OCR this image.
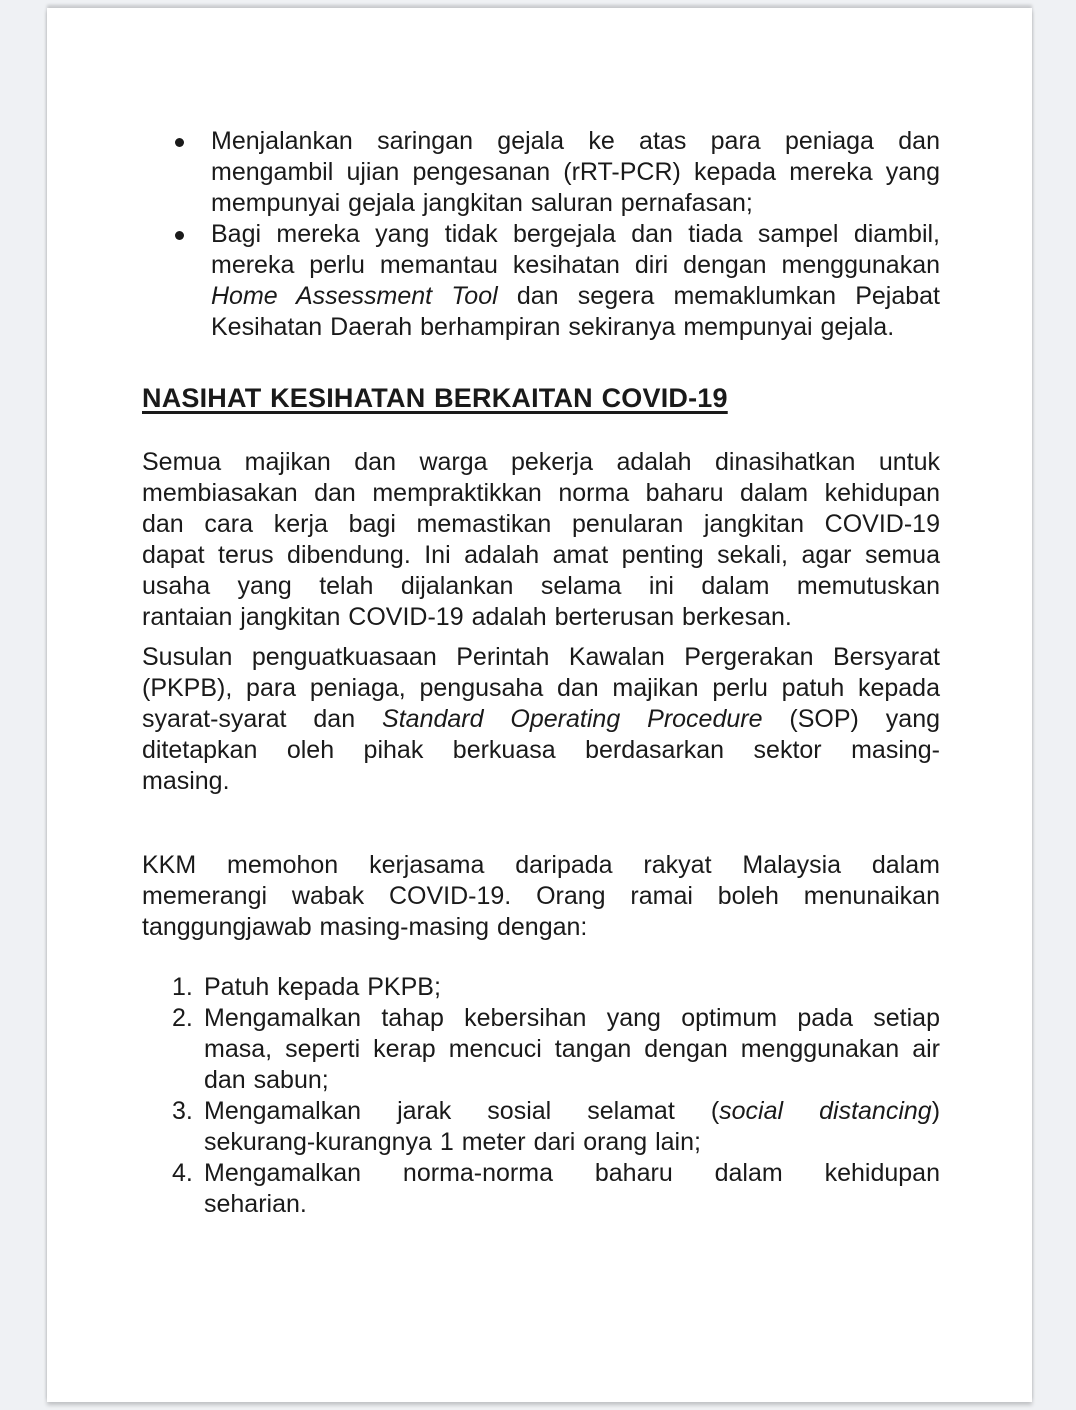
Menjalankan saringan gejala ke atas para peniaga dan
mengambil ujian pengesanan (rRT-PCR) kepada mereka yang
mempunyai gejala jangkitan saluran pernafasan;
Bagi mereka yang tidak bergejala dan tiada sampel diambil,
mereka perlu memantau kesihatan diri dengan menggunakan
Home Assessment Tool dan segera memaklumkan Pejabat
Kesihatan Daerah berhampiran sekiranya mempunyai gejala.
NASIHAT KESIHATAN BERKAITAN COVID-19
Semua majikan dan warga pekerja adalah dinasihatkan untuk
membiasakan dan mempraktikkan norma baharu dalam kehidupan
dan cara kerja bagi memastikan penularan jangkitan COVID-19
dapat terus dibendung. Ini adalah amat penting sekali, agar semua
usaha yang telah dijalankan selama ini dalam memutuskan
rantaian jangkitan COVID-19 adalah berterusan berkesan.
Susulan penguatkuasaan Perintah Kawalan Pergerakan Bersyarat
(PKPB), para peniaga, pengusaha dan majikan perlu patuh kepada
syarat-syarat dan Standard Operating Procedure (SOP) yang
ditetapkan oleh pihak berkuasa berdasarkan sektor masing-
masing.
KKM memohon kerjasama daripada rakyat Malaysia dalam
memerangi wabak COVID-19. Orang ramai boleh menunaikan
tanggungjawab masing-masing dengan:
1. Patuh kepada PKPB;
2. Mengamalkan tahap kebersihan yang optimum pada setiap
masa, seperti kerap mencuci tangan dengan menggunakan air
dan sabun;
3. Mengamalkan jarak sosial selamat (social distancing)
sekurang-kurangnya 1 meter dari orang lain;
4. Mengamalkan norma-norma baharu dalam kehidupan
seharian.
